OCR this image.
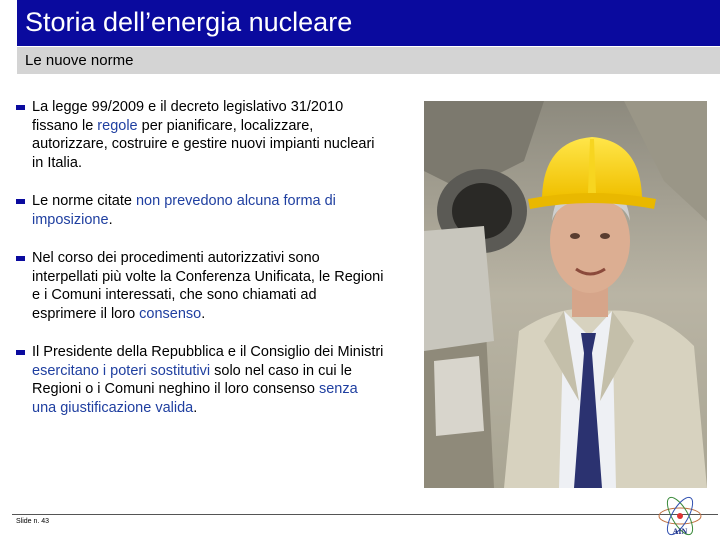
Storia dell’energia nucleare
Le nuove norme
La legge 99/2009 e il decreto legislativo 31/2010 fissano le regole per pianificare, localizzare, autorizzare, costruire e gestire nuovi impianti nucleari in Italia.
Le norme citate non prevedono alcuna forma di imposizione.
Nel corso dei procedimenti autorizzativi sono interpellati più volte la Conferenza Unificata, le Regioni e i Comuni interessati, che sono chiamati ad esprimere il loro consenso.
Il Presidente della Repubblica e il Consiglio dei Ministri esercitano i poteri sostitutivi solo nel caso in cui le Regioni o i Comuni neghino il loro consenso senza una giustificazione valida.
Slide n. 43
AIN
